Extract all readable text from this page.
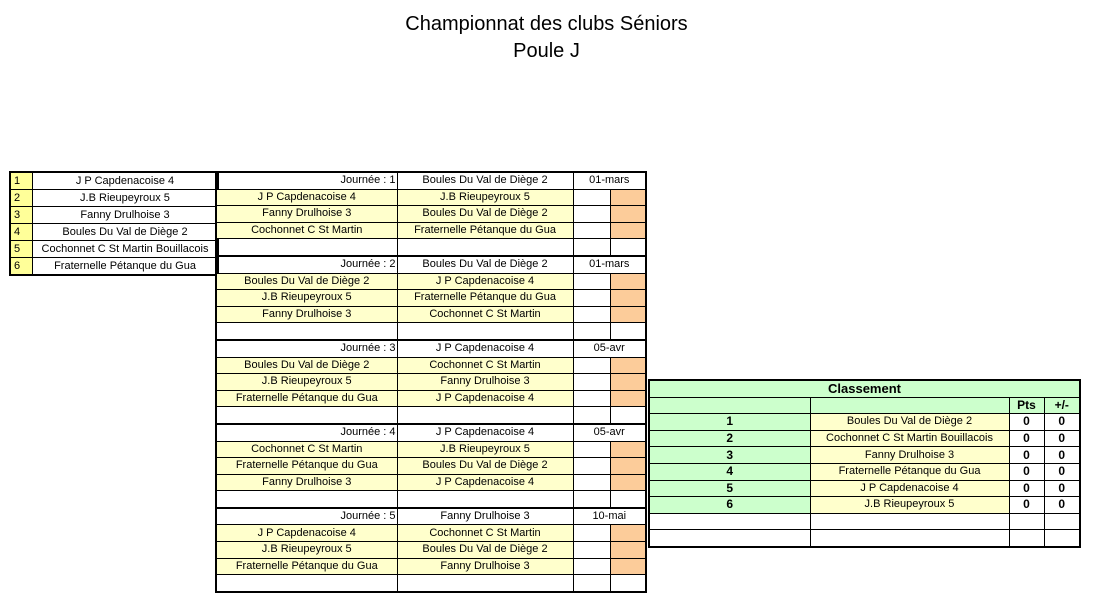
Championnat des clubs Séniors
Poule J
1	J P Capdenacoise 4
2	J.B Rieupeyroux 5
3	Fanny Drulhoise 3
4	Boules Du Val de Diège 2
5	Cochonnet C St Martin Bouillacois
6	Fraternelle Pétanque du Gua
Journée : 1	Boules Du Val de Diège 2	01-mars	
J P Capdenacoise 4	J.B Rieupeyroux 5		
Fanny Drulhoise 3	Boules Du Val de Diège 2		
Cochonnet C St Martin	Fraternelle Pétanque du Gua		

Journée : 2	Boules Du Val de Diège 2	01-mars	
Boules Du Val de Diège 2	J P Capdenacoise 4		
J.B Rieupeyroux 5	Fraternelle Pétanque du Gua		
Fanny Drulhoise 3	Cochonnet C St Martin		

Journée : 3	J P Capdenacoise 4	05-avr	
Boules Du Val de Diège 2	Cochonnet C St Martin		
J.B Rieupeyroux 5	Fanny Drulhoise 3		
Fraternelle Pétanque du Gua	J P Capdenacoise 4		

Journée : 4	J P Capdenacoise 4	05-avr	
Cochonnet C St Martin	J.B Rieupeyroux 5		
Fraternelle Pétanque du Gua	Boules Du Val de Diège 2		
Fanny Drulhoise 3	J P Capdenacoise 4		

Journée : 5	Fanny Drulhoise 3	10-mai	
J P Capdenacoise 4	Cochonnet C St Martin		
J.B Rieupeyroux 5	Boules Du Val de Diège 2		
Fraternelle Pétanque du Gua	Fanny Drulhoise 3		

Classement			
		Pts	+/-
1	Boules Du Val de Diège 2	0	0
2	Cochonnet C St Martin Bouillacois	0	0
3	Fanny Drulhoise 3	0	0
4	Fraternelle Pétanque du Gua	0	0
5	J P Capdenacoise 4	0	0
6	J.B Rieupeyroux 5	0	0
